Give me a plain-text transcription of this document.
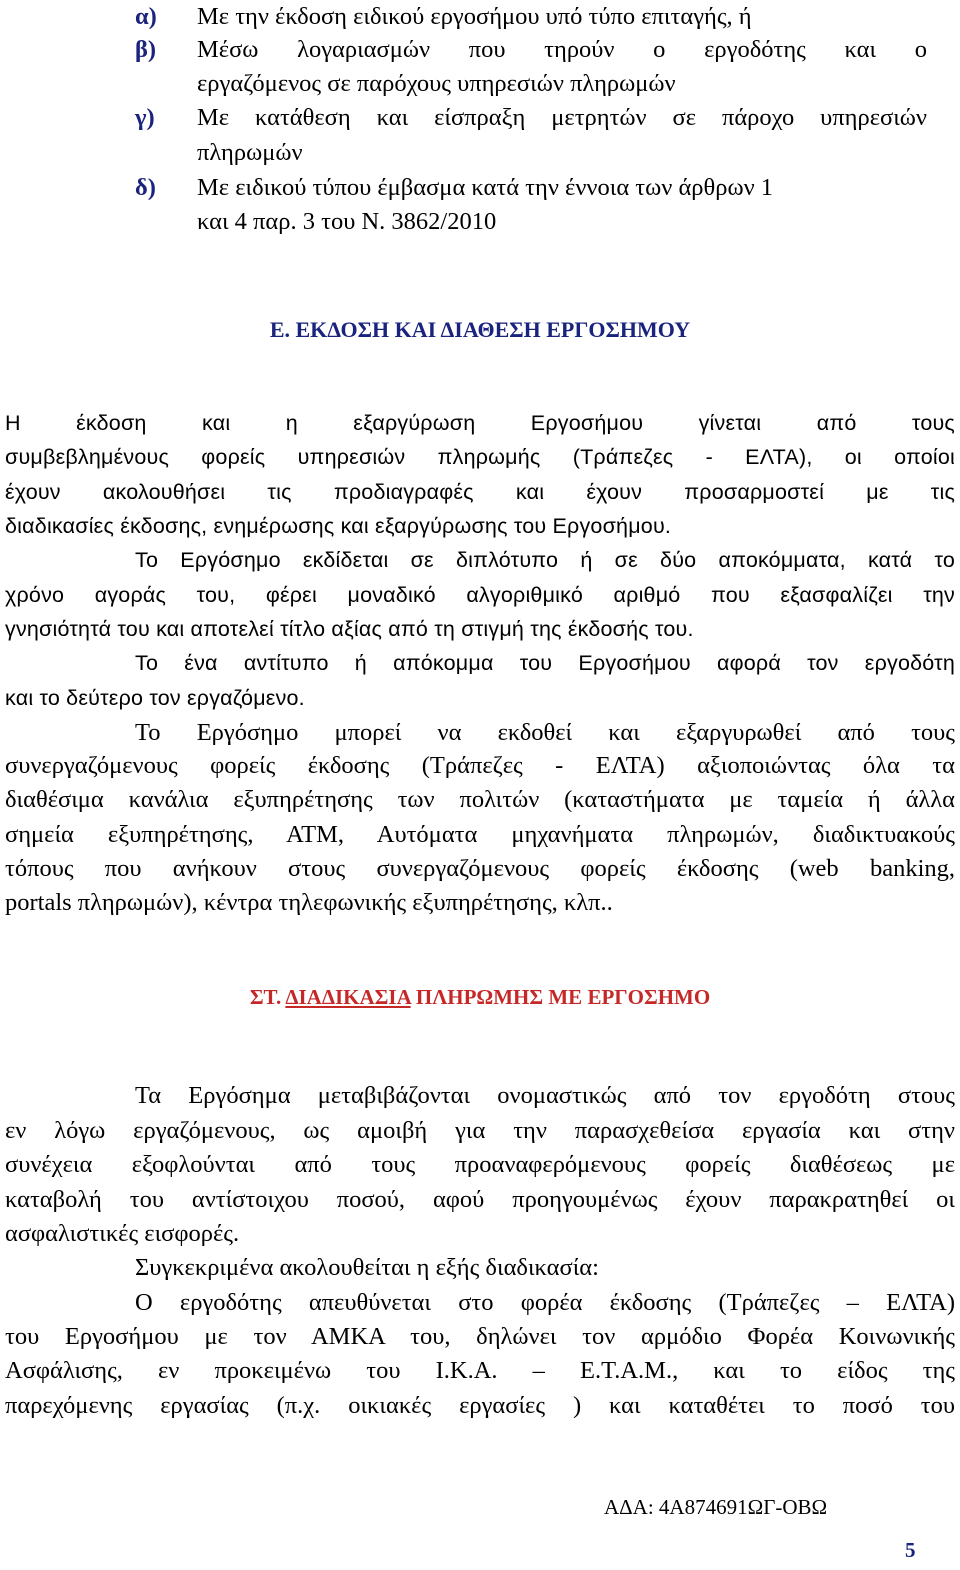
α)	Με την έκδοση ειδικού εργοσήμου υπό τύπο επιταγής, ή
β)	Μέσω λογαριασμών που τηρούν ο εργοδότης και ο
εργαζόμενος σε παρόχους υπηρεσιών πληρωμών
γ)	Με κατάθεση και είσπραξη μετρητών σε πάροχο υπηρεσιών
πληρωμών
δ)	Με ειδικού τύπου έμβασμα κατά την έννοια των άρθρων 1
και 4 παρ. 3 του Ν. 3862/2010
Ε. ΕΚΔΟΣΗ ΚΑΙ ΔΙΑΘΕΣΗ ΕΡΓΟΣΗΜΟΥ
Η έκδοση και η εξαργύρωση Εργοσήμου γίνεται από τους
συμβεβλημένους φορείς υπηρεσιών πληρωμής (Τράπεζες - ΕΛΤΑ), οι οποίοι
έχουν ακολουθήσει τις προδιαγραφές και έχουν προσαρμοστεί με τις
διαδικασίες έκδοσης, ενημέρωσης και εξαργύρωσης του Εργοσήμου.
Το Εργόσημο εκδίδεται σε διπλότυπο ή σε δύο αποκόμματα, κατά το
χρόνο αγοράς του, φέρει μοναδικό αλγοριθμικό αριθμό που εξασφαλίζει την
γνησιότητά του και αποτελεί τίτλο αξίας από τη στιγμή της έκδοσής του.
Το ένα αντίτυπο ή απόκομμα του Εργοσήμου αφορά τον εργοδότη
και το δεύτερο τον εργαζόμενο.
Το Εργόσημο μπορεί να εκδοθεί και εξαργυρωθεί από τους
συνεργαζόμενους φορείς έκδοσης (Τράπεζες - ΕΛΤΑ) αξιοποιώντας όλα τα
διαθέσιμα κανάλια εξυπηρέτησης των πολιτών (καταστήματα με ταμεία ή άλλα
σημεία εξυπηρέτησης, ΑΤΜ, Αυτόματα μηχανήματα πληρωμών, διαδικτυακούς
τόπους που ανήκουν στους συνεργαζόμενους φορείς έκδοσης (web banking,
portals πληρωμών), κέντρα τηλεφωνικής εξυπηρέτησης, κλπ..
ΣΤ. ΔΙΑΔΙΚΑΣΙΑ ΠΛΗΡΩΜΗΣ ΜΕ ΕΡΓΟΣΗΜΟ
Τα Εργόσημα μεταβιβάζονται ονομαστικώς από τον εργοδότη στους
εν λόγω εργαζόμενους, ως αμοιβή για την παρασχεθείσα εργασία και στην
συνέχεια εξοφλούνται από τους προαναφερόμενους φορείς διαθέσεως με
καταβολή του αντίστοιχου ποσού, αφού προηγουμένως έχουν παρακρατηθεί οι
ασφαλιστικές εισφορές.
Συγκεκριμένα ακολουθείται η εξής διαδικασία:
Ο εργοδότης απευθύνεται στο φορέα έκδοσης (Τράπεζες – ΕΛΤΑ)
του Εργοσήμου με τον ΑΜΚΑ του, δηλώνει τον αρμόδιο Φορέα Κοινωνικής
Ασφάλισης, εν προκειμένω του Ι.Κ.Α. – Ε.Τ.Α.Μ., και το είδος της
παρεχόμενης εργασίας (π.χ. οικιακές εργασίες ) και καταθέτει το ποσό του
ΑΔΑ: 4Α874691ΩΓ-ΟΒΩ
5
